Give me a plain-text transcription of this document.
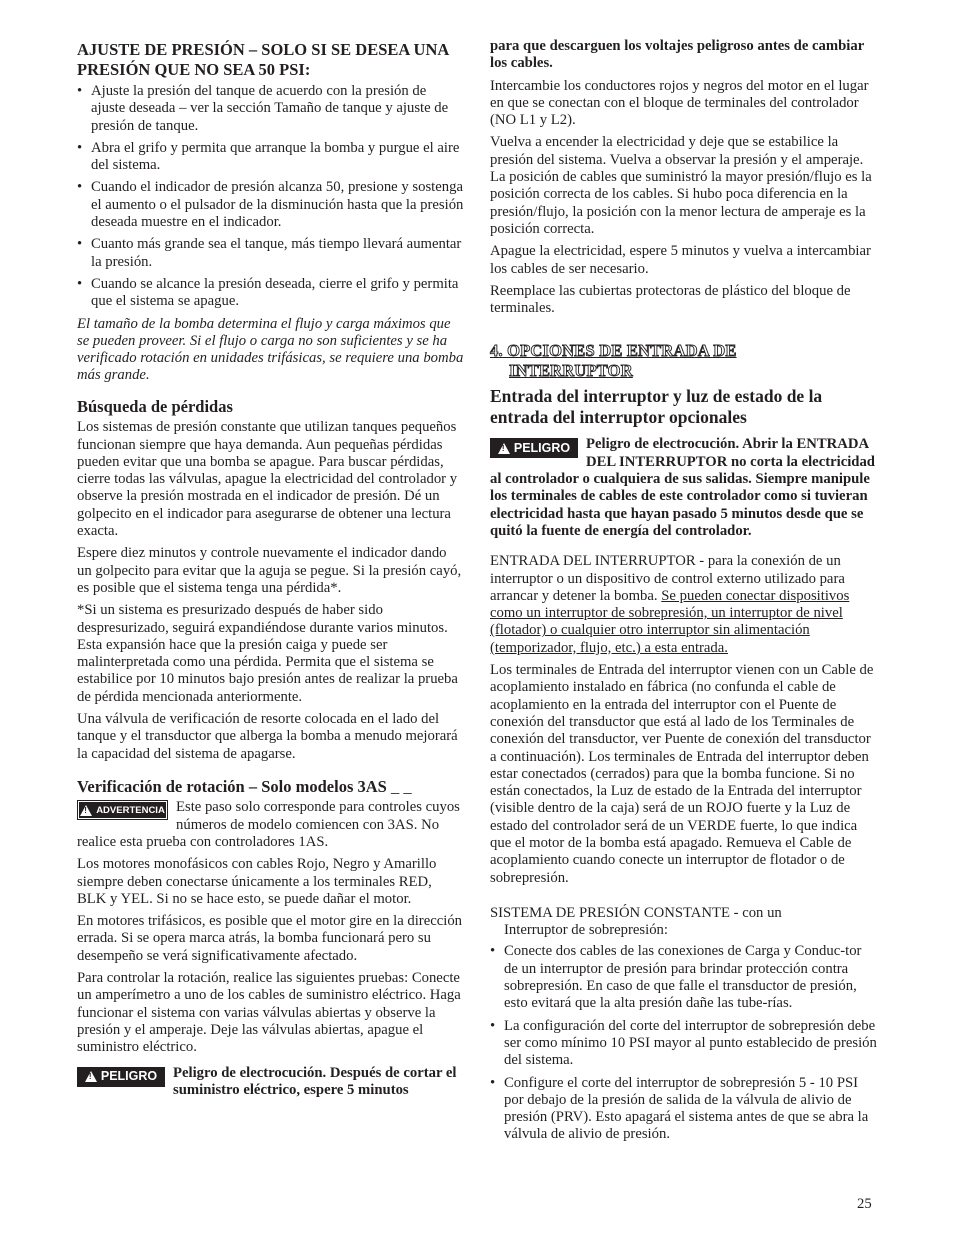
AJUSTE DE PRESIÓN – SOLO SI SE DESEA UNA PRESIÓN QUE NO SEA 50 PSI:
• Ajuste la presión del tanque de acuerdo con la presión de ajuste deseada – ver la sección Tamaño de tanque y ajuste de presión de tanque.
• Abra el grifo y permita que arranque la bomba y purgue el aire del sistema.
• Cuando el indicador de presión alcanza 50, presione y sostenga el aumento o el pulsador de la disminución hasta que la presión deseada muestre en el indicador.
• Cuanto más grande sea el tanque, más tiempo llevará aumentar la presión.
• Cuando se alcance la presión deseada, cierre el grifo y permita que el sistema se apague.

El tamaño de la bomba determina el flujo y carga máximos que se pueden proveer. Si el flujo o carga no son suficientes y se ha verificado rotación en unidades trifásicas, se requiere una bomba más grande.

Búsqueda de pérdidas

Los sistemas de presión constante que utilizan tanques pequeños funcionan siempre que haya demanda. Aun pequeñas pérdidas pueden evitar que una bomba se apague. Para buscar pérdidas, cierre todas las válvulas, apague la electricidad del controlador y observe la presión mostrada en el indicador de presión. Dé un golpecito en el indicador para asegurarse de obtener una lectura exacta.

Espere diez minutos y controle nuevamente el indicador dando un golpecito para evitar que la aguja se pegue. Si la presión cayó, es posible que el sistema tenga una pérdida*.

*Si un sistema es presurizado después de haber sido despresurizado, seguirá expandiéndose durante varios minutos. Esta expansión hace que la presión caiga y puede ser malinterpretada como una pérdida. Permita que el sistema se estabilice por 10 minutos bajo presión antes de realizar la prueba de pérdida mencionada anteriormente.

Una válvula de verificación de resorte colocada en el lado del tanque y el transductor que alberga la bomba a menudo mejorará la capacidad del sistema de apagarse.

Verificación de rotación – Solo modelos 3AS _ _

!
ADVERTENCIA Este paso solo corresponde para controles cuyos números de modelo comiencen con 3AS. No realice esta prueba con controladores 1AS.

Los motores monofásicos con cables Rojo, Negro y Amarillo siempre deben conectarse únicamente a los terminales RED, BLK y YEL. Si no se hace esto, se puede dañar el motor.

En motores trifásicos, es posible que el motor gire en la dirección errada. Si se opera marca atrás, la bomba funcionará pero su desempeño se verá significativamente afectado.

Para controlar la rotación, realice las siguientes pruebas: Conecte un amperímetro a uno de los cables de suministro eléctrico. Haga funcionar el sistema con varias válvulas abiertas y observe la presión y el amperaje. Deje las válvulas abiertas, apague el suministro eléctrico.

!
PELIGRO Peligro de electrocución. Después de cortar el suministro eléctrico, espere 5 minutos

para que descarguen los voltajes peligroso antes de cambiar los cables.

Intercambie los conductores rojos y negros del motor en el lugar en que se conectan con el bloque de terminales del controlador (NO L1 y L2).

Vuelva a encender la electricidad y deje que se estabilice la presión del sistema. Vuelva a observar la presión y el amperaje. La posición de cables que suministró la mayor presión/flujo es la posición correcta de los cables. Si hubo poca diferencia en la presión/flujo, la posición con la menor lectura de amperaje es la posición correcta.

Apague la electricidad, espere 5 minutos y vuelva a intercambiar los cables de ser necesario.

Reemplace las cubiertas protectoras de plástico del bloque de terminales.

4. OPCIONES DE ENTRADA DE
INTERRUPTOR
Entrada del interruptor y luz de estado de la entrada del interruptor opcionales

!
PELIGRO Peligro de electrocución. Abrir la ENTRADA DEL INTERRUPTOR no corta la electricidad al controlador o cualquiera de sus salidas. Siempre manipule los terminales de cables de este controlador como si tuvieran electricidad hasta que hayan pasado 5 minutos desde que se quitó la fuente de energía del controlador.

ENTRADA DEL INTERRUPTOR - para la conexión de un interruptor o un dispositivo de control externo utilizado para arrancar y detener la bomba. Se pueden conectar dispositivos como un interruptor de sobrepresión, un interruptor de nivel (flotador) o cualquier otro interruptor sin alimentación (temporizador, flujo, etc.) a esta entrada.

Los terminales de Entrada del interruptor vienen con un Cable de acoplamiento instalado en fábrica (no confunda el cable de acoplamiento en la entrada del interruptor con el Puente de conexión del transductor que está al lado de los Terminales de conexión del transductor, ver Puente de conexión del transductor a continuación). Los terminales de Entrada del interruptor deben estar conectados (cerrados) para que la bomba funcione. Si no están conectados, la Luz de estado de la Entrada del interruptor (visible dentro de la caja) será de un ROJO fuerte y la Luz de estado del controlador será de un VERDE fuerte, lo que indica que el motor de la bomba está apagado. Remueva el Cable de acoplamiento cuando conecte un interruptor de flotador o de sobrepresión.

SISTEMA DE PRESIÓN CONSTANTE - con un
Interruptor de sobrepresión:

• Conecte dos cables de las conexiones de Carga y Conduc-tor de un interruptor de presión para brindar protección contra sobrepresión. En caso de que falle el transductor de presión, esto evitará que la alta presión dañe las tube-rías.
• La configuración del corte del interruptor de sobrepresión debe ser como mínimo 10 PSI mayor al punto establecido de presión del sistema.
• Configure el corte del interruptor de sobrepresión 5 - 10 PSI por debajo de la presión de salida de la válvula de alivio de presión (PRV). Esto apagará el sistema antes de que se abra la válvula de alivio de presión.
25
